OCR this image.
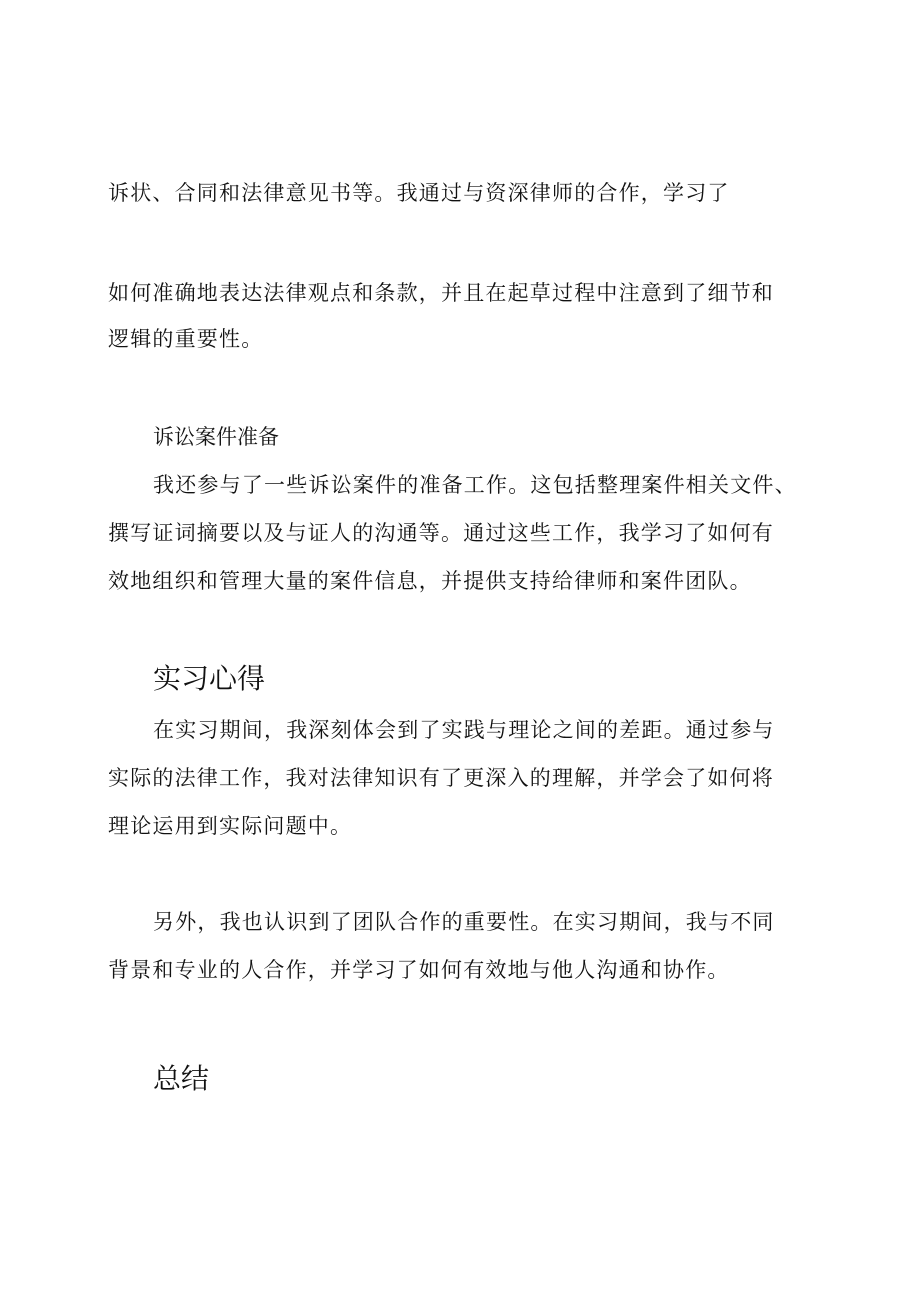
诉状、合同和法律意见书等。我通过与资深律师的合作，学习了

如何准确地表达法律观点和条款，并且在起草过程中注意到了细节和

逻辑的重要性。

诉讼案件准备

我还参与了一些诉讼案件的准备工作。这包括整理案件相关文件、

撰写证词摘要以及与证人的沟通等。通过这些工作，我学习了如何有

效地组织和管理大量的案件信息，并提供支持给律师和案件团队。

实习心得

在实习期间，我深刻体会到了实践与理论之间的差距。通过参与

实际的法律工作，我对法律知识有了更深入的理解，并学会了如何将

理论运用到实际问题中。

另外，我也认识到了团队合作的重要性。在实习期间，我与不同

背景和专业的人合作，并学习了如何有效地与他人沟通和协作。

总结
